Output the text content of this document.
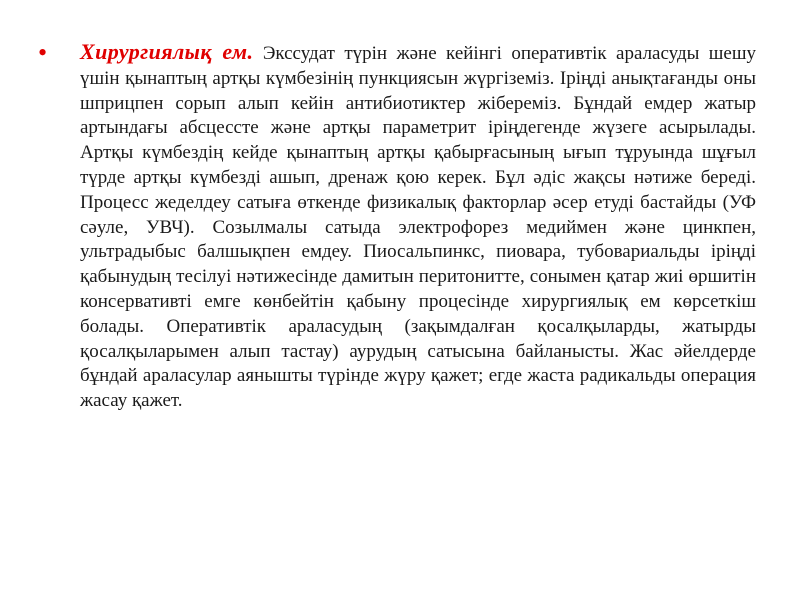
•	Хирургиялық ем. Экссудат түрін және кейінгі оперативтік араласуды шешу үшін қынаптың артқы күмбезінің пункциясын жүргіземіз. Іріңді анықтағанды оны шприцпен сорып алып кейін антибиотиктер жібереміз. Бұндай емдер жатыр артындағы абсцессте және артқы параметрит іріңдегенде жүзеге асырылады. Артқы күмбездің кейде қынаптың артқы қабырғасының ығып тұруында шұғыл түрде артқы күмбезді ашып, дренаж қою керек. Бұл әдіс жақсы нәтиже береді. Процесс жеделдеу сатыға өткенде физикалық факторлар әсер етуді бастайды (УФ сәуле, УВЧ). Созылмалы сатыда электрофорез медиймен және цинкпен, ультрадыбыс балшықпен емдеу. Пиосальпинкс, пиовара, тубовариальды іріңді қабынудың тесілуі нәтижесінде дамитын перитонитте, сонымен қатар жиі өршитін консервативті емге көнбейтін қабыну процесінде хирургиялық ем көрсеткіш болады. Оперативтік араласудың (зақымдалған қосалқыларды, жатырды қосалқыларымен алып тастау) аурудың сатысына байланысты. Жас әйелдерде бұндай араласулар аянышты түрінде жүру қажет; егде жаста радикальды операция жасау қажет.
